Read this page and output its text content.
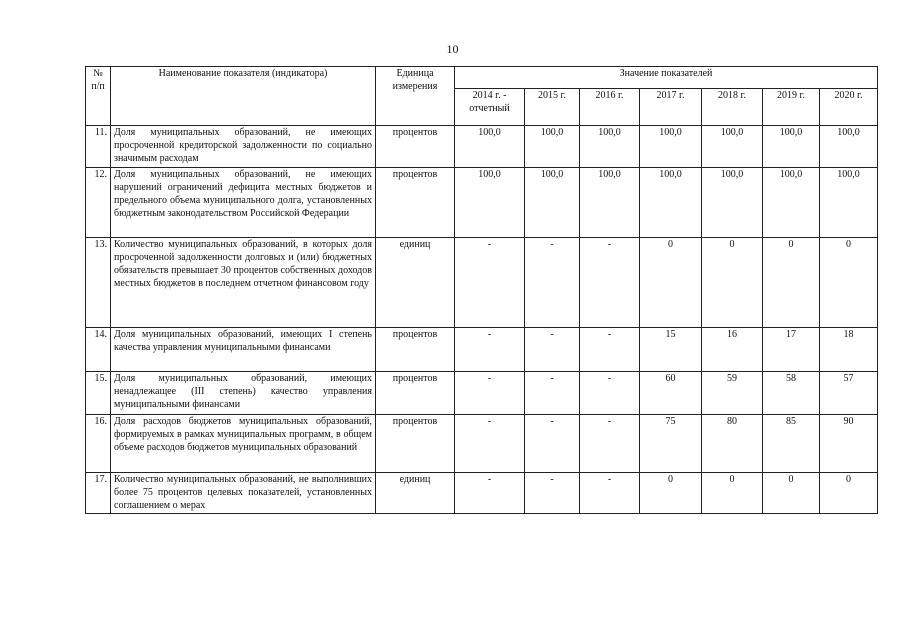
10
№ п/п	Наименование показателя (индикатора)	Единица измерения	Значение показателей						
			2014 г. - отчетный	2015 г.	2016 г.	2017 г.	2018 г.	2019 г.	2020 г.
11.	Доля муниципальных образований, не имеющих просроченной кредиторской задолженности по социально значимым расходам	процентов	100,0	100,0	100,0	100,0	100,0	100,0	100,0
12.	Доля муниципальных образований, не имеющих нарушений ограничений дефицита местных бюджетов и предельного объема муниципального долга, установленных бюджетным законодательством Российской Федерации	процентов	100,0	100,0	100,0	100,0	100,0	100,0	100,0
13.	Количество муниципальных образований, в которых доля просроченной задолженности долговых и (или) бюджетных обязательств превышает 30 процентов собственных доходов местных бюджетов в последнем отчетном финансовом году	единиц	-	-	-	0	0	0	0
14.	Доля муниципальных образований, имеющих I степень качества управления муниципальными финансами	процентов	-	-	-	15	16	17	18
15.	Доля муниципальных образований, имеющих ненадлежащее (III степень) качество управления муниципальными финансами	процентов	-	-	-	60	59	58	57
16.	Доля расходов бюджетов муниципальных образований, формируемых в рамках муниципальных программ, в общем объеме расходов бюджетов муниципальных образований	процентов	-	-	-	75	80	85	90
17.	Количество муниципальных образований, не выполнивших более 75 процентов целевых показателей, установленных соглашением о мерах	единиц	-	-	-	0	0	0	0
